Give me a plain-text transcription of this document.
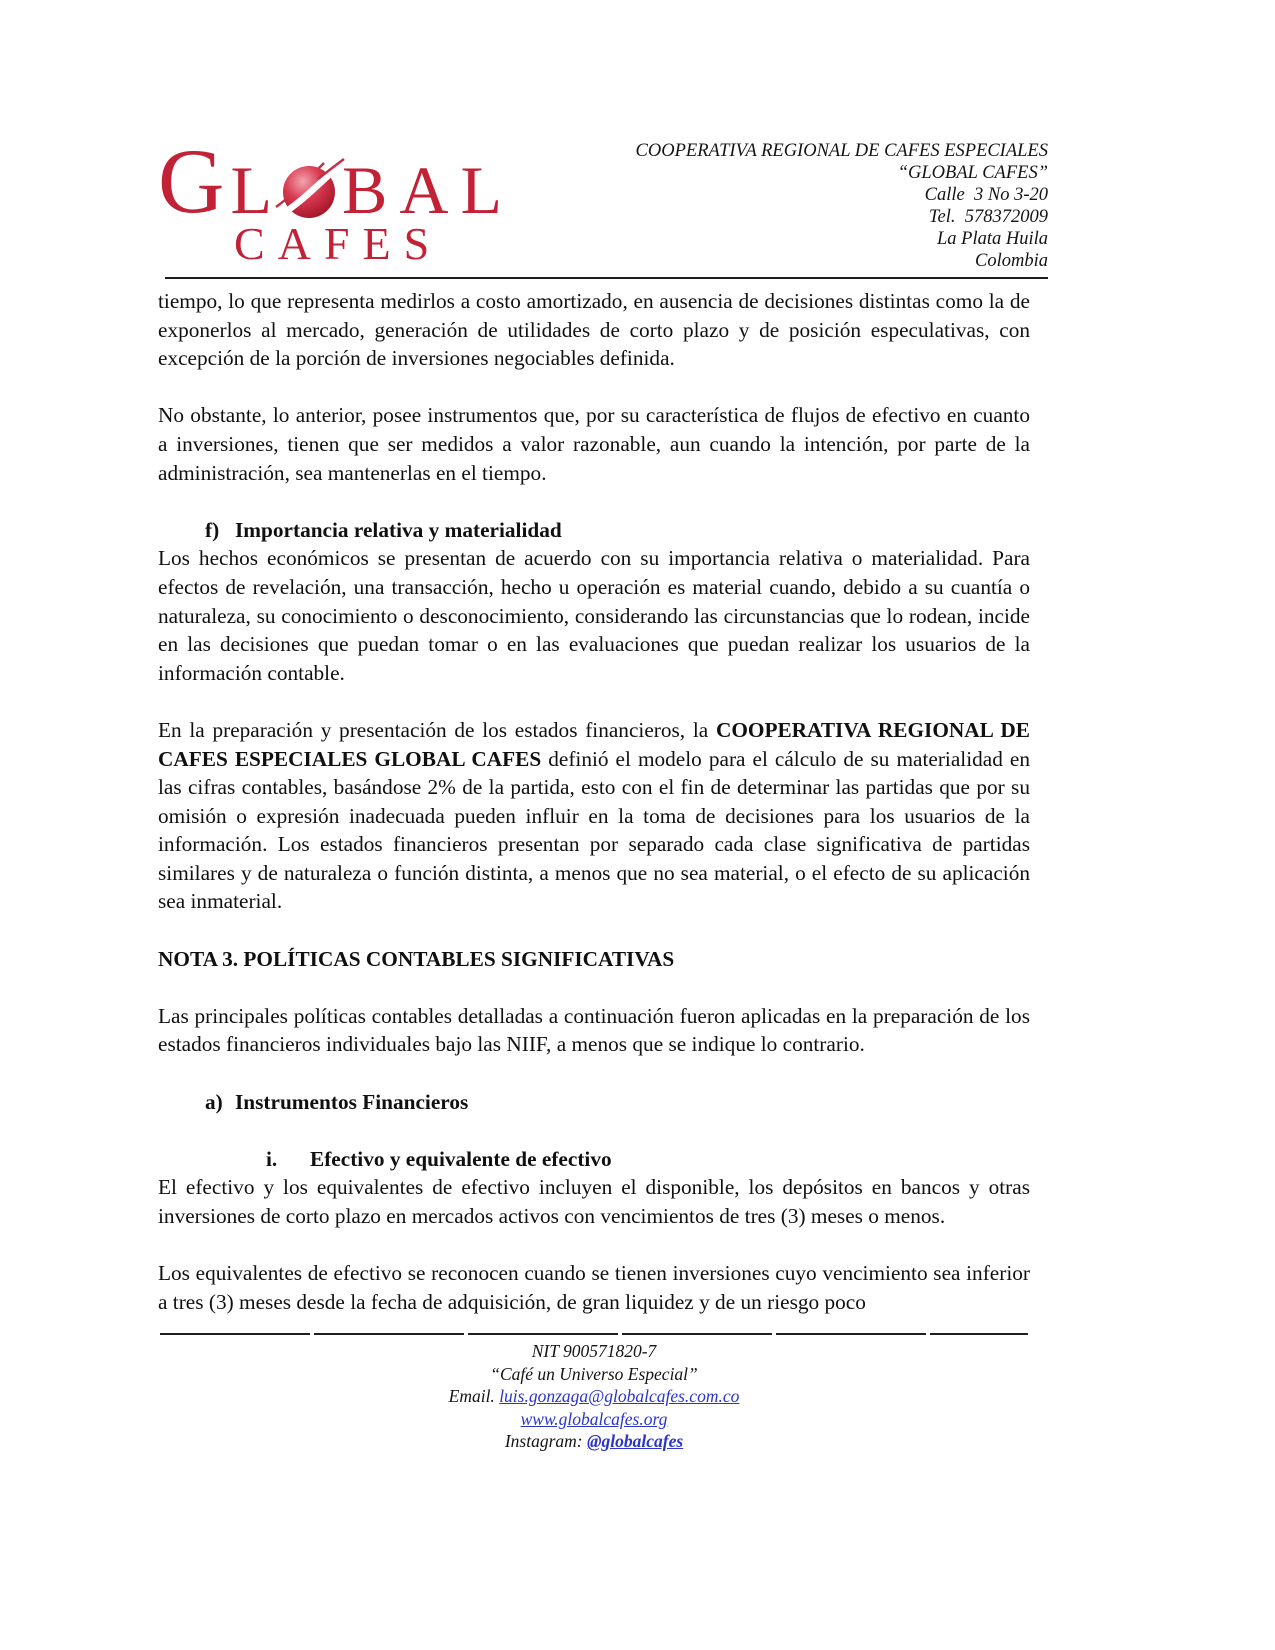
G L BAL
CAFES
COOPERATIVA REGIONAL DE CAFES ESPECIALES
“GLOBAL CAFES”
Calle  3 No 3-20
Tel.  578372009
La Plata Huila
Colombia

tiempo, lo que representa medirlos a costo amortizado, en ausencia de decisiones distintas como la de exponerlos al mercado, generación de utilidades de corto plazo y de posición especulativas, con excepción de la porción de inversiones negociables definida.

No obstante, lo anterior, posee instrumentos que, por su característica de flujos de efectivo en cuanto a inversiones, tienen que ser medidos a valor razonable, aun cuando la intención, por parte de la administración, sea mantenerlas en el tiempo.

f) Importancia relativa y materialidad

Los hechos económicos se presentan de acuerdo con su importancia relativa o materialidad. Para efectos de revelación, una transacción, hecho u operación es material cuando, debido a su cuantía o naturaleza, su conocimiento o desconocimiento, considerando las circunstancias que lo rodean, incide en las decisiones que puedan tomar o en las evaluaciones que puedan realizar los usuarios de la información contable.

En la preparación y presentación de los estados financieros, la COOPERATIVA REGIONAL DE CAFES ESPECIALES GLOBAL CAFES definió el modelo para el cálculo de su materialidad en las cifras contables, basándose 2% de la partida, esto con el fin de determinar las partidas que por su omisión o expresión inadecuada pueden influir en la toma de decisiones para los usuarios de la información. Los estados financieros presentan por separado cada clase significativa de partidas similares y de naturaleza o función distinta, a menos que no sea material, o el efecto de su aplicación sea inmaterial.

NOTA 3. POLÍTICAS CONTABLES SIGNIFICATIVAS

Las principales políticas contables detalladas a continuación fueron aplicadas en la preparación de los estados financieros individuales bajo las NIIF, a menos que se indique lo contrario.

a) Instrumentos Financieros

i. Efectivo y equivalente de efectivo

El efectivo y los equivalentes de efectivo incluyen el disponible, los depósitos en bancos y otras inversiones de corto plazo en mercados activos con vencimientos de tres (3) meses o menos.

Los equivalentes de efectivo se reconocen cuando se tienen inversiones cuyo vencimiento sea inferior a tres (3) meses desde la fecha de adquisición, de gran liquidez y de un riesgo poco

NIT 900571820-7
“Café un Universo Especial”
Email. luis.gonzaga@globalcafes.com.co
www.globalcafes.org
Instagram: @globalcafes
